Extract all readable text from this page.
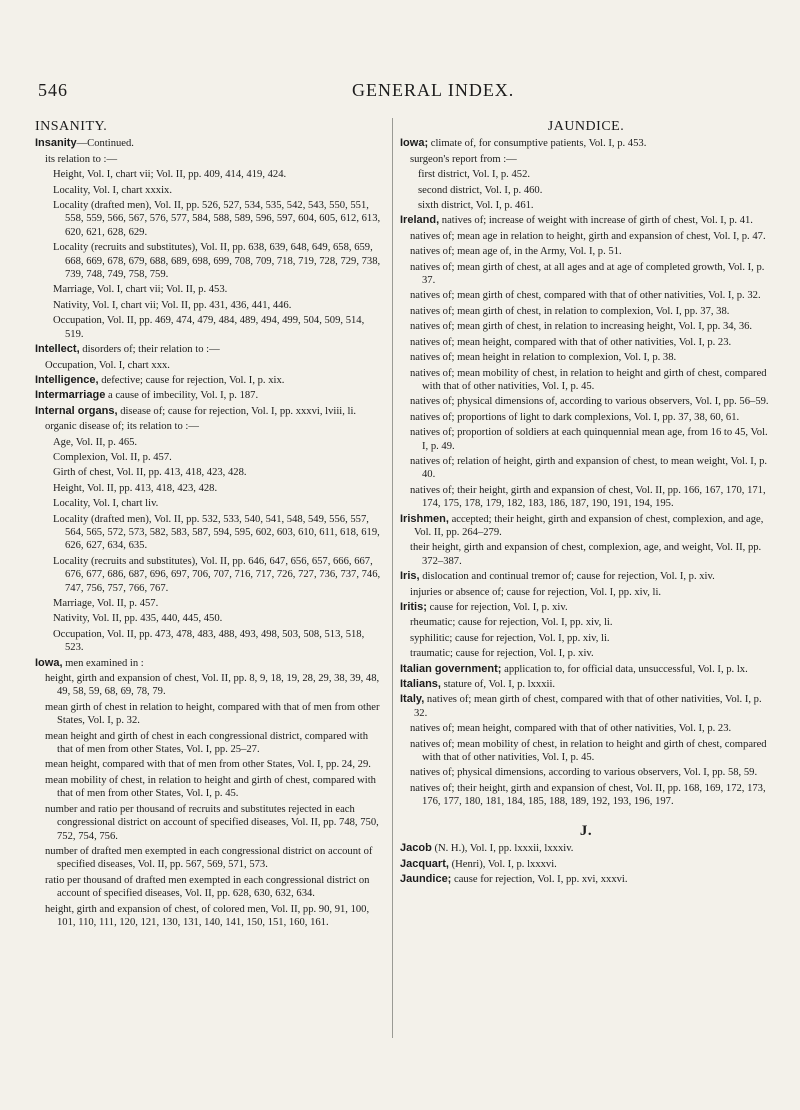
546	GENERAL INDEX.
INSANITY.
Insanity—Continued.
its relation to :—
Height, Vol. I, chart vii; Vol. II, pp. 409, 414, 419, 424.
Locality, Vol. I, chart xxxix.
Locality (drafted men), Vol. II, pp. 526, 527, 534, 535, 542, 543, 550, 551, 558, 559, 566, 567, 576, 577, 584, 588, 589, 596, 597, 604, 605, 612, 613, 620, 621, 628, 629.
Locality (recruits and substitutes), Vol. II, pp. 638, 639, 648, 649, 658, 659, 668, 669, 678, 679, 688, 689, 698, 699, 708, 709, 718, 719, 728, 729, 738, 739, 748, 749, 758, 759.
Marriage, Vol. I, chart vii; Vol. II, p. 453.
Nativity, Vol. I, chart vii; Vol. II, pp. 431, 436, 441, 446.
Occupation, Vol. II, pp. 469, 474, 479, 484, 489, 494, 499, 504, 509, 514, 519.
Intellect, disorders of; their relation to :—
Occupation, Vol. I, chart xxx.
Intelligence, defective; cause for rejection, Vol. I, p. xix.
Intermarriage a cause of imbecility, Vol. I, p. 187.
Internal organs, disease of; cause for rejection, Vol. I, pp. xxxvi, lviii, li.
organic disease of; its relation to :—
Age, Vol. II, p. 465.
Complexion, Vol. II, p. 457.
Girth of chest, Vol. II, pp. 413, 418, 423, 428.
Height, Vol. II, pp. 413, 418, 423, 428.
Locality, Vol. I, chart liv.
Locality (drafted men), Vol. II, pp. 532, 533, 540, 541, 548, 549, 556, 557, 564, 565, 572, 573, 582, 583, 587, 594, 595, 602, 603, 610, 611, 618, 619, 626, 627, 634, 635.
Locality (recruits and substitutes), Vol. II, pp. 646, 647, 656, 657, 666, 667, 676, 677, 686, 687, 696, 697, 706, 707, 716, 717, 726, 727, 736, 737, 746, 747, 756, 757, 766, 767.
Marriage, Vol. II, p. 457.
Nativity, Vol. II, pp. 435, 440, 445, 450.
Occupation, Vol. II, pp. 473, 478, 483, 488, 493, 498, 503, 508, 513, 518, 523.
Iowa, men examined in :
height, girth and expansion of chest, Vol. II, pp. 8, 9, 18, 19, 28, 29, 38, 39, 48, 49, 58, 59, 68, 69, 78, 79.
mean girth of chest in relation to height, compared with that of men from other States, Vol. I, p. 32.
mean height and girth of chest in each congressional district, compared with that of men from other States, Vol. I, pp. 25–27.
mean height, compared with that of men from other States, Vol. I, pp. 24, 29.
mean mobility of chest, in relation to height and girth of chest, compared with that of men from other States, Vol. I, p. 45.
number and ratio per thousand of recruits and substitutes rejected in each congressional district on account of specified diseases, Vol. II, pp. 748, 750, 752, 754, 756.
number of drafted men exempted in each congressional district on account of specified diseases, Vol. II, pp. 567, 569, 571, 573.
ratio per thousand of drafted men exempted in each congressional district on account of specified diseases, Vol. II, pp. 628, 630, 632, 634.
height, girth and expansion of chest, of colored men, Vol. II, pp. 90, 91, 100, 101, 110, 111, 120, 121, 130, 131, 140, 141, 150, 151, 160, 161.
JAUNDICE.
Iowa; climate of, for consumptive patients, Vol. I, p. 453.
surgeon's report from :—
first district, Vol. I, p. 452.
second district, Vol. I, p. 460.
sixth district, Vol. I, p. 461.
Ireland, natives of; increase of weight with increase of girth of chest, Vol. I, p. 41.
natives of; mean age in relation to height, girth and expansion of chest, Vol. I, p. 47.
natives of; mean age of, in the Army, Vol. I, p. 51.
natives of; mean girth of chest, at all ages and at age of completed growth, Vol. I, p. 37.
natives of; mean girth of chest, compared with that of other nativities, Vol. I, p. 32.
natives of; mean girth of chest, in relation to complexion, Vol. I, pp. 37, 38.
natives of; mean girth of chest, in relation to increasing height, Vol. I, pp. 34, 36.
natives of; mean height, compared with that of other nativities, Vol. I, p. 23.
natives of; mean height in relation to complexion, Vol. I, p. 38.
natives of; mean mobility of chest, in relation to height and girth of chest, compared with that of other nativities, Vol. I, p. 45.
natives of; physical dimensions of, according to various observers, Vol. I, pp. 56–59.
natives of; proportions of light to dark complexions, Vol. I, pp. 37, 38, 60, 61.
natives of; proportion of soldiers at each quinquennial mean age, from 16 to 45, Vol. I, p. 49.
natives of; relation of height, girth and expansion of chest, to mean weight, Vol. I, p. 40.
natives of; their height, girth and expansion of chest, Vol. II, pp. 166, 167, 170, 171, 174, 175, 178, 179, 182, 183, 186, 187, 190, 191, 194, 195.
Irishmen, accepted; their height, girth and expansion of chest, complexion, and age, Vol. II, pp. 264–279.
their height, girth and expansion of chest, complexion, age, and weight, Vol. II, pp. 372–387.
Iris, dislocation and continual tremor of; cause for rejection, Vol. I, p. xiv.
injuries or absence of; cause for rejection, Vol. I, pp. xiv, li.
Iritis; cause for rejection, Vol. I, p. xiv.
rheumatic; cause for rejection, Vol. I, pp. xiv, li.
syphilitic; cause for rejection, Vol. I, pp. xiv, li.
traumatic; cause for rejection, Vol. I, p. xiv.
Italian government; application to, for official data, unsuccessful, Vol. I, p. lx.
Italians, stature of, Vol. I, p. lxxxii.
Italy, natives of; mean girth of chest, compared with that of other nativities, Vol. I, p. 32.
natives of; mean height, compared with that of other nativities, Vol. I, p. 23.
natives of; mean mobility of chest, in relation to height and girth of chest, compared with that of other nativities, Vol. I, p. 45.
natives of; physical dimensions, according to various observers, Vol. I, pp. 58, 59.
natives of; their height, girth and expansion of chest, Vol. II, pp. 168, 169, 172, 173, 176, 177, 180, 181, 184, 185, 188, 189, 192, 193, 196, 197.
J.
Jacob (N. H.), Vol. I, pp. lxxxii, lxxxiv.
Jacquart, (Henri), Vol. I, p. lxxxvi.
Jaundice; cause for rejection, Vol. I, pp. xvi, xxxvi.
